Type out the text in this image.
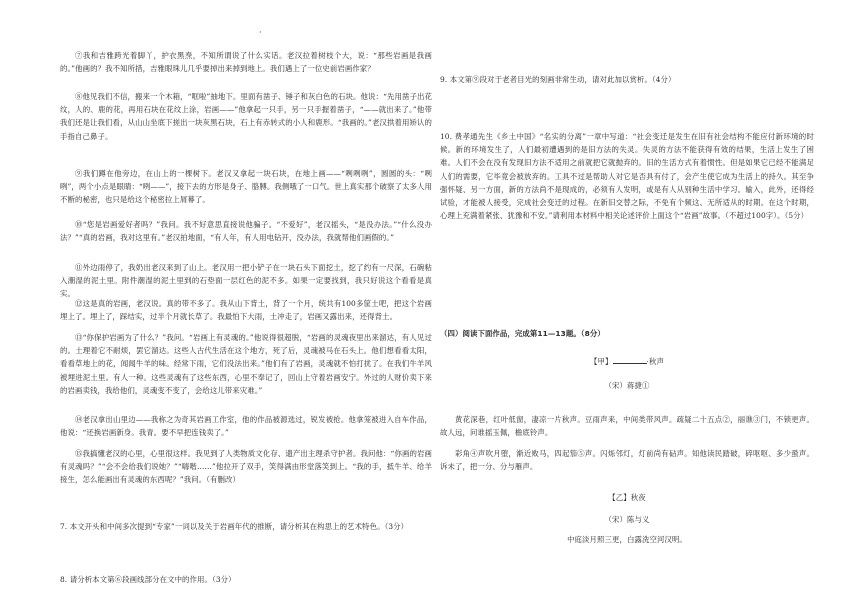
·

⑦我和吉雅跨光着脚丫，护衣黑焘，不知所谓说了什么实话。老汉拉着树枝个大，说：“那些岩画是我画的。”他画的？我不知所措，吉雅眼珠儿几乎要掉出来掉到地上。我们遇上了一位史前岩画作家？

⑧他见我们不信，搬来一个木箱，“哐啦”抽地下。里面有凿子、锤子和灰白色的石块。他说：“先用凿子出花纹，人的、鹿的花，再用石块在花纹上涂，岩画——”他拿起一只手，另一只手握着凿子，“——就出来了。”他带我们还是让我们看，从山山坐底下搓出一块灰黑石块，石上有赤转式的小人和鹿形。“我画的。”老汉拱着用矫认的手指自己鼻子。

⑨我们蹲在他旁边，在山上的一棵树下。老汉又拿起一块石块，在地上画——“咧咧咧”，圆圆的头：“咧咧”，两个小点是眼睛：“咧——”，接下去的方形是身子、胳膊。我侧哦了一口气。世上真实那个破察了太多人用不断的秘密，也只是给这个秘密拉上屑幕了。

⑩“您是岩画爱好者吗？”我问。我不好意思直接说他骗子。“不爱好”，老汉摇头，“是没办法。”“什么没办法？”“真的岩画，我对这里有。”老汉拍地面，“有人年，有人用电钻开，没办法，我就帮他们画假的。”

⑪外边雨停了，我奶出老汉来到了山上。老汉用一把小铲子在一块石头下面挖土，挖了约有一尺深，石碗粘入潮湿的泥土里。附件潮湿的泥土里到的石垫面一层红色的泥不多。如果一定要找到，我只好说这个看看是真实。

⑫这是真的岩画，老汉说。真的带不多了。我从山下背土，背了一个月，统共有100多筐土吧，把这个岩画埋上了。埋上了，踩结实，过半个月就长草了。我最怕下大雨，土冲走了，岩画又露出来，还得背土。

⑬“你保护岩画为了什么？”我问。“岩画上有灵魂的。”他说得很超脱，“岩画的灵魂夜里出来溜达，有人见过的。土理着它不耐烦，罢它溜达。这些人古代生活在这个地方，死了后，灵魂被马在石头上。他们想看看太阳，看看草地上的花，闻闻牛羊的味。经常下雨，它们没法出来。”他们有了岩画，灵魂就不怕打扰了。在我们牛羊风被埋进泥土里。有人一种。这些灵魂有了这些东西，心里不奉记了，回山上守着岩画安宁。外过的人财价卖下来的岩画卖钱，我给他们，灵魂变不变了，会给这儿带来灾难。”

⑭老汉拿出山里边——我称之为奇其岩画工作室，他的作品被源选过，锐发被抢。他拿笼被进入自车作品，他说：“还换岩画新身。我青。要不早把连钱卖了。”

⑮我搞懂老汉的心里，心里很这样。我见到了人类物质文化存、遗产出主理杀守护者。我问他：“你画的岩画有灵魂吗？”“会不会给我们说她？”“嗨喈……”他拉开了双手，笑得满由形堂落笑到上。“我的手，抵牛羊、给羊接生，怎么能画出有灵魂的东西呢？”我问。（有删改）

7. 本文开头和中间多次提到“专家”一词以及关于岩画年代的推断，请分析其在构思上的艺术特色。（3分）

8. 请分析本文第⑥段画线部分在文中的作用。（3分）

9. 本文第⑨段对于老者目光的刻画非常生动，请对此加以赏析。（4分）

10. 费孝通先生《乡土中国》“名实的分离”一章中写道：“社会变迁是发生在旧有社会结构不能应付新环境的时候。新的环境发生了，人们最初遭遇到的是旧方法的失灵。失灵的方法不能获得有效的结果，生活上发生了困难。人们不会在没有发现旧方法不适用之前就把它就抛弃的。旧的生活方式有着惯性。但是如果它已经不能满足人们的需要，它毕竟会被放弃的。工具不过是帮助人对它是否具有付了，会产生使它成为生活上的持久。其至争强怀疑、另一方面，新的方法尚不是现成的，必须有人发明，或是有人从别种生活中学习。输入，此外，还得经试验，才能被人接受，完成社会变迁的过程。在新旧交替之际，不免有个频这、无所适从的时期。在这个时期，心理上充满着紧张、犹豫和不安。”请利用本材料中相关论述评价上面这个“岩画”故事。（不超过100字）。（5分）

（四）阅读下面作品，完成第11—13题。（8分）

【甲】	·秋声

（宋）蒋捷①

黄花深巷，红叶低窗，凄凉一片秋声。豆雨声来，中间类带风声。疏疑二十五点②，丽谯③门，不锁更声。故人远，问谁摇玉佩，檐底铃声。

彩角④声吹月堕，渐近败马，四起笳⑤声。闪烁邻灯，灯前尚有砧声。知他读民踏破，碎呕呕、多少蛩声。诉未了，把一分、分与雁声。

【乙】秋夜

（宋）陈与义

中庭淡月照三更，白露洗空河汉明。
